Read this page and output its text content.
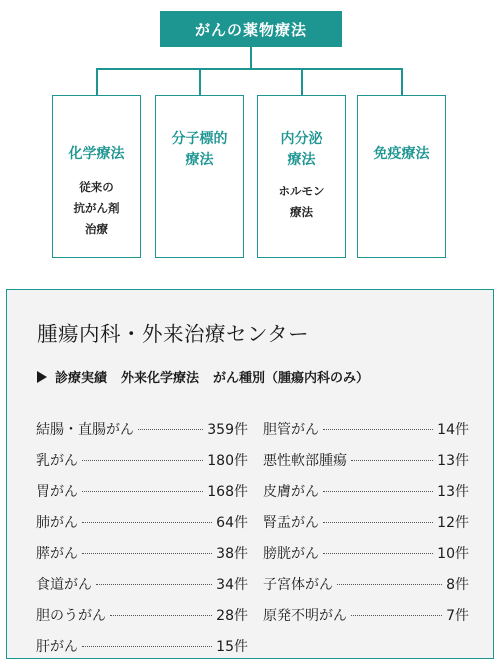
がんの薬物療法
化学療法
従来の
抗がん剤
治療
分子標的
療法
内分泌
療法
ホルモン
療法
免疫療法
腫瘍内科・外来治療センター
診療実績 外来化学療法 がん種別（腫瘍内科のみ）
結腸・直腸がん	359件
乳がん	180件
胃がん	168件
肺がん	64件
膵がん	38件
食道がん	34件
胆のうがん	28件
肝がん	15件
胆管がん	14件
悪性軟部腫瘍	13件
皮膚がん	13件
腎盂がん	12件
膀胱がん	10件
子宮体がん	8件
原発不明がん	7件
